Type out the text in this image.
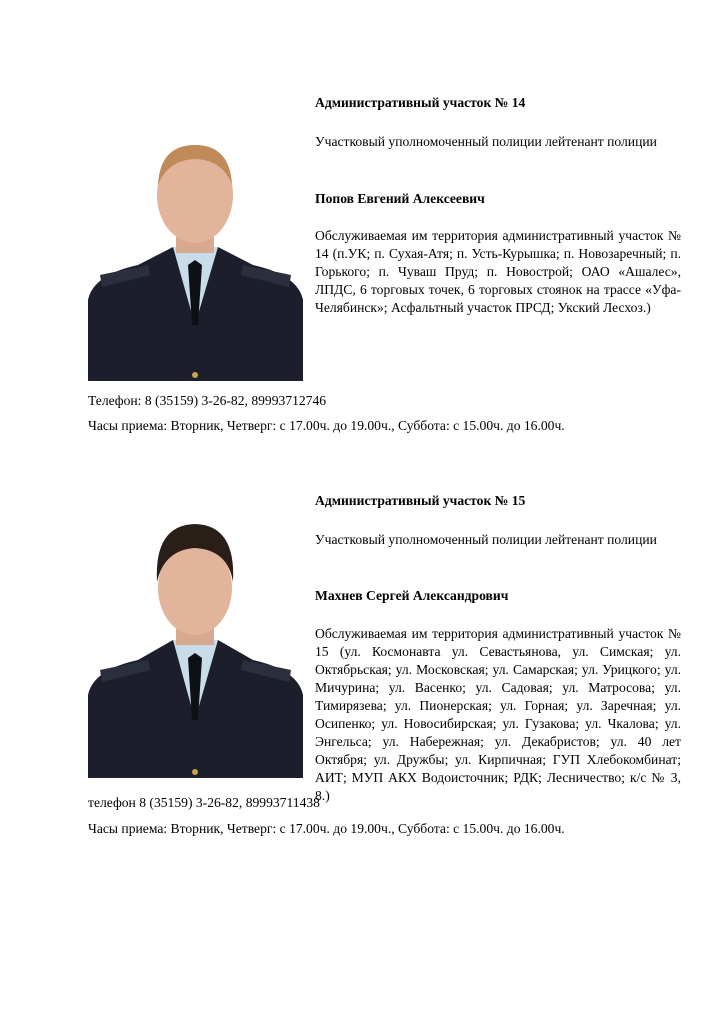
Административный участок № 14

Участковый уполномоченный полиции лейтенант полиции

Попов Евгений Алексеевич

Обслуживаемая им территория административный участок № 14 (п.УК; п. Сухая-Атя; п. Усть-Курышка; п. Новозаречный; п. Горького; п. Чуваш Пруд; п. Новострой; ОАО «Ашалес», ЛПДС, 6 торговых точек, 6 торговых стоянок на трассе «Уфа-Челябинск»; Асфальтный участок ПРСД; Укский Лесхоз.)

Телефон: 8 (35159) 3-26-82, 89993712746
Часы приема: Вторник, Четверг: с 17.00ч. до 19.00ч., Суббота: с 15.00ч. до 16.00ч.
Административный участок № 15

Участковый уполномоченный полиции лейтенант полиции

Махнев Сергей Александрович

Обслуживаемая им территория административный участок № 15 (ул. Космонавта ул. Севастьянова, ул. Симская; ул. Октябрьская; ул. Московская; ул. Самарская; ул. Урицкого; ул. Мичурина; ул. Васенко; ул. Садовая; ул. Матросова; ул. Тимирязева; ул. Пионерская; ул. Горная; ул. Заречная; ул. Осипенко; ул. Новосибирская; ул. Гузакова; ул. Чкалова; ул. Энгельса; ул. Набережная; ул. Декабристов; ул. 40 лет Октября; ул. Дружбы; ул. Кирпичная; ГУП Хлебокомбинат; АИТ; МУП АКХ Водоисточник; РДК; Лесничество; к/с № 3, 8.)

телефон 8 (35159) 3-26-82, 89993711438
Часы приема: Вторник, Четверг: с 17.00ч. до 19.00ч., Суббота: с 15.00ч. до 16.00ч.
